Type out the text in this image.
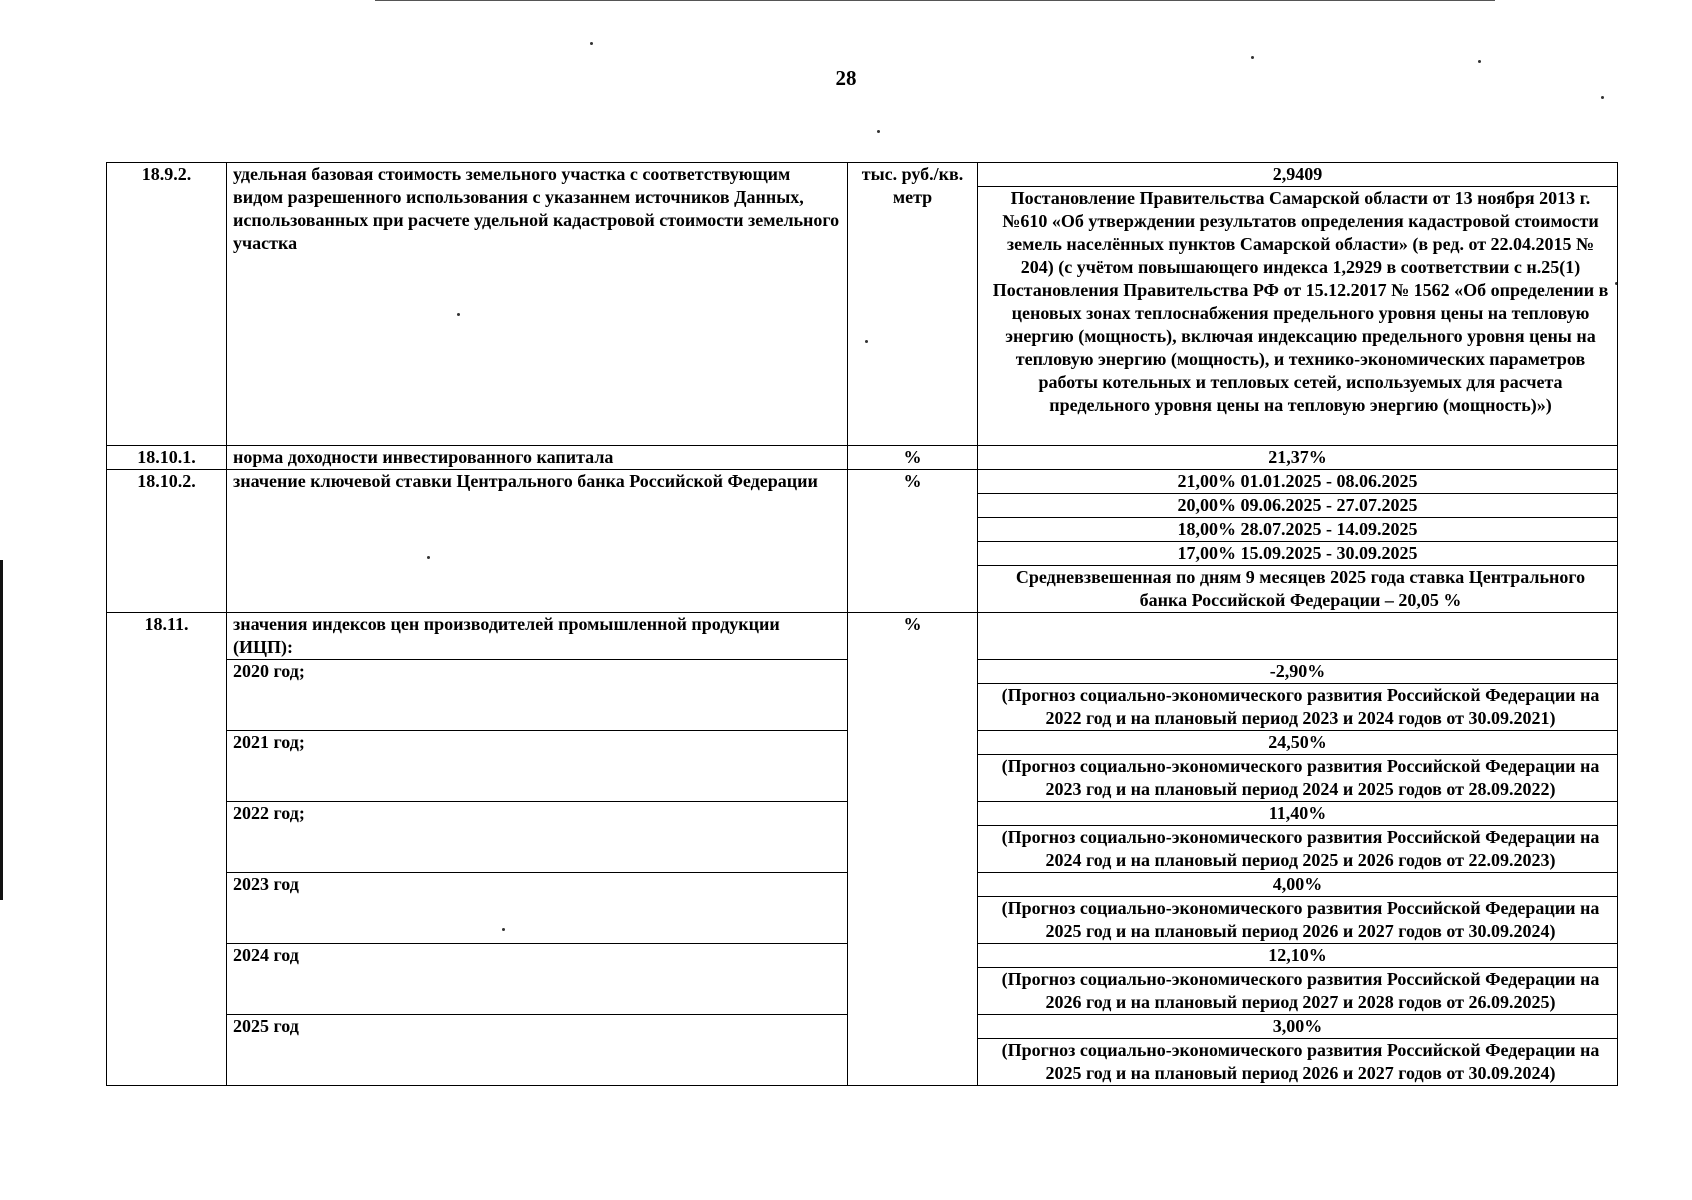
28
18.9.2.	удельная базовая стоимость земельного участка с соответствующим видом разрешенного использования с указаннем источников Данных, использованных при расчете удельной кадастровой стоимости земельного участка	тыс. руб./кв. метр	2,9409
			Постановление Правительства Самарской области от 13 ноября 2013 г. №610 «Об утверждении результатов определения кадастровой стоимости земель населённых пунктов Самарской области» (в ред. от 22.04.2015 № 204) (с учётом повышающего индекса 1,2929 в соответствии с н.25(1) Постановления Правительства РФ от 15.12.2017 № 1562 «Об определении в ценовых зонах теплоснабжения предельного уровня цены на тепловую энергию (мощность), включая индексацию предельного уровня цены на тепловую энергию (мощность), и технико-экономических параметров работы котельных и тепловых сетей, используемых для расчета предельного уровня цены на тепловую энергию (мощность)»)
18.10.1.	норма доходности инвестированного капитала	%	21,37%
18.10.2.	значение ключевой ставки Центрального банка Российской Федерации	%	21,00% 01.01.2025 - 08.06.2025
			20,00% 09.06.2025 - 27.07.2025
			18,00% 28.07.2025 - 14.09.2025
			17,00% 15.09.2025 - 30.09.2025
			Средневзвешенная по дням 9 месяцев 2025 года ставка Центрального банка Российской Федерации – 20,05 %
18.11.	значения индексов цен производителей промышленной продукции (ИЦП):	%	
	2020 год;		-2,90%
			(Прогноз социально-экономического развития Российской Федерации на 2022 год и на плановый период 2023 и 2024 годов от 30.09.2021)
	2021 год;		24,50%
			(Прогноз социально-экономического развития Российской Федерации на 2023 год и на плановый период 2024 и 2025 годов от 28.09.2022)
	2022 год;		11,40%
			(Прогноз социально-экономического развития Российской Федерации на 2024 год и на плановый период 2025 и 2026 годов от 22.09.2023)
	2023 год		4,00%
			(Прогноз социально-экономического развития Российской Федерации на 2025 год и на плановый период 2026 и 2027 годов от 30.09.2024)
	2024 год		12,10%
			(Прогноз социально-экономического развития Российской Федерации на 2026 год и на плановый период 2027 и 2028 годов от 26.09.2025)
	2025 год		3,00%
			(Прогноз социально-экономического развития Российской Федерации на 2025 год и на плановый период 2026 и 2027 годов от 30.09.2024)
